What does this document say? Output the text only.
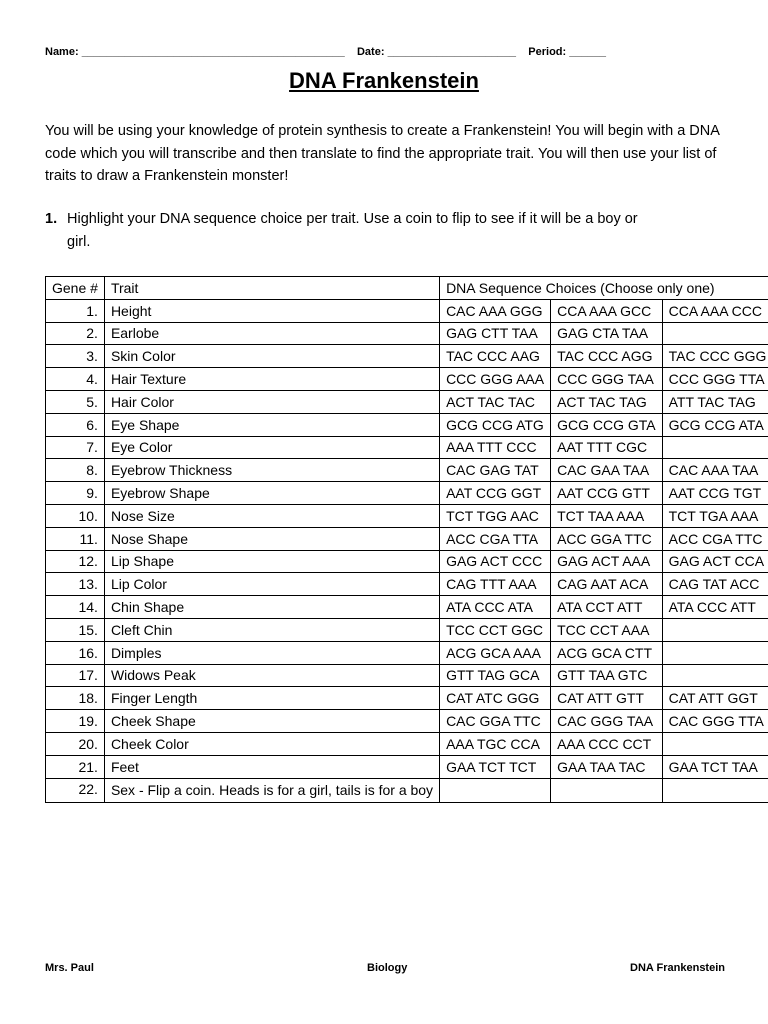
Name: ___________________________________________ Date: _____________________ Period: ______
DNA Frankenstein
You will be using your knowledge of protein synthesis to create a Frankenstein! You will begin with a DNA code which you will transcribe and then translate to find the appropriate trait. You will then use your list of traits to draw a Frankenstein monster!
1. Highlight your DNA sequence choice per trait. Use a coin to flip to see if it will be a boy or
girl.
Gene #	Trait	DNA Sequence Choices (Choose only one)		
1.	Height	CAC AAA GGG	CCA AAA GCC	CCA AAA CCC
2.	Earlobe	GAG CTT TAA	GAG CTA TAA	
3.	Skin Color	TAC CCC AAG	TAC CCC AGG	TAC CCC GGG
4.	Hair Texture	CCC GGG AAA	CCC GGG TAA	CCC GGG TTA
5.	Hair Color	ACT TAC TAC	ACT TAC TAG	ATT TAC TAG
6.	Eye Shape	GCG CCG ATG	GCG CCG GTA	GCG CCG ATA
7.	Eye Color	AAA TTT CCC	AAT TTT CGC	
8.	Eyebrow Thickness	CAC GAG TAT	CAC GAA TAA	CAC AAA TAA
9.	Eyebrow Shape	AAT CCG GGT	AAT CCG GTT	AAT CCG TGT
10.	Nose Size	TCT TGG AAC	TCT TAA AAA	TCT TGA AAA
11.	Nose Shape	ACC CGA TTA	ACC GGA TTC	ACC CGA TTC
12.	Lip Shape	GAG ACT CCC	GAG ACT AAA	GAG ACT CCA
13.	Lip Color	CAG TTT AAA	CAG AAT ACA	CAG TAT ACC
14.	Chin Shape	ATA CCC ATA	ATA CCT ATT	ATA CCC ATT
15.	Cleft Chin	TCC CCT GGC	TCC CCT AAA	
16.	Dimples	ACG GCA AAA	ACG GCA CTT	
17.	Widows Peak	GTT TAG GCA	GTT TAA GTC	
18.	Finger Length	CAT ATC GGG	CAT ATT GTT	CAT ATT GGT
19.	Cheek Shape	CAC GGA TTC	CAC GGG TAA	CAC GGG TTA
20.	Cheek Color	AAA TGC CCA	AAA CCC CCT	
21.	Feet	GAA TCT TCT	GAA TAA TAC	GAA TCT TAA
22.	Sex - Flip a coin. Heads is for a girl, tails is for a boy			
Mrs. Paul	Biology	DNA Frankenstein
